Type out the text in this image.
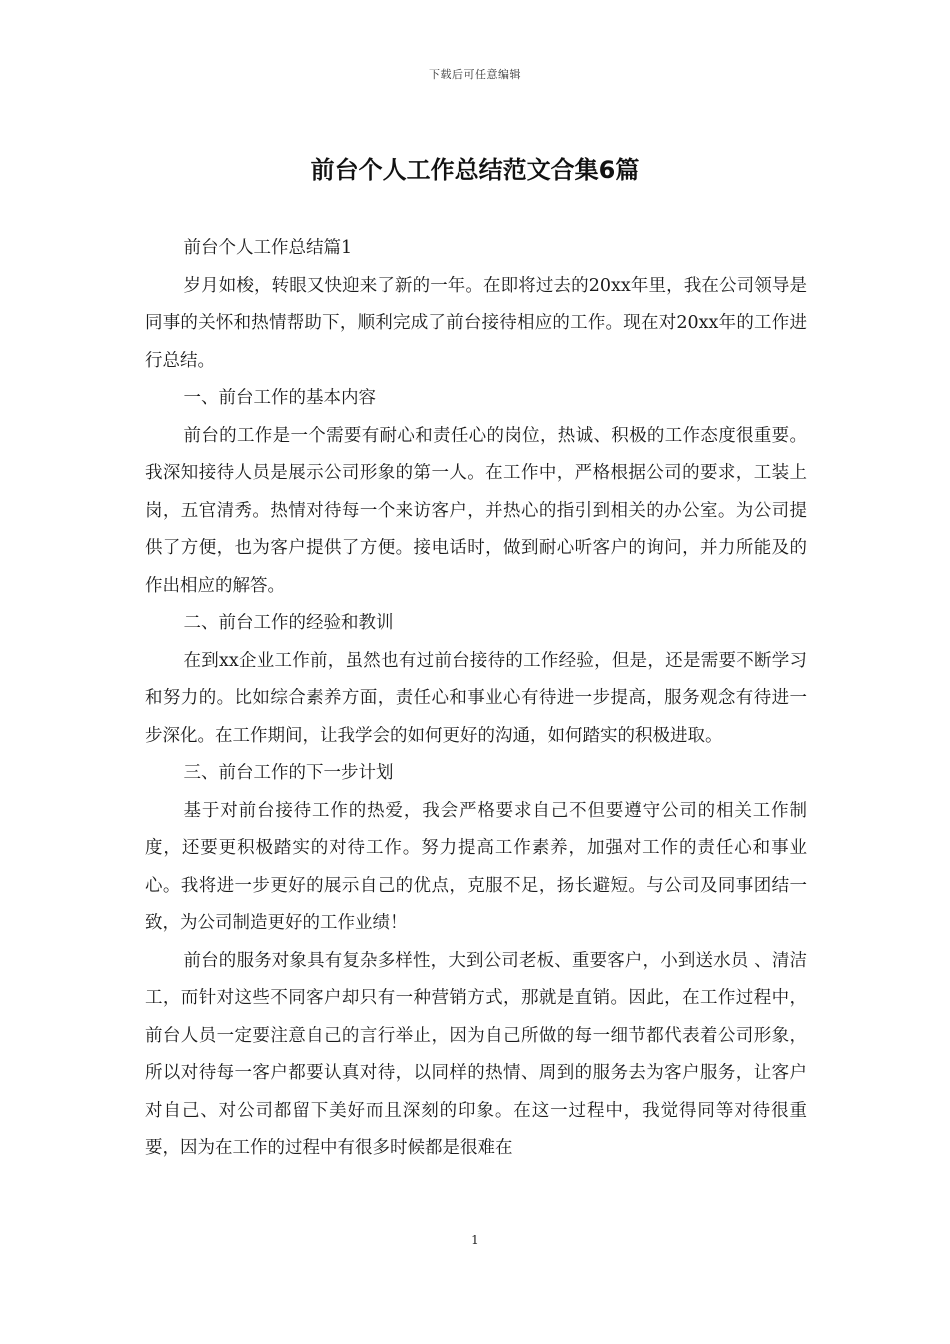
下载后可任意编辑
前台个人工作总结范文合集6篇

前台个人工作总结篇1

岁月如梭，转眼又快迎来了新的一年。在即将过去的20xx年里，我在公司领导是同事的关怀和热情帮助下，顺利完成了前台接待相应的工作。现在对20xx年的工作进行总结。

一、前台工作的基本内容

前台的工作是一个需要有耐心和责任心的岗位，热诚、积极的工作态度很重要。我深知接待人员是展示公司形象的第一人。在工作中，严格根据公司的要求，工装上岗，五官清秀。热情对待每一个来访客户，并热心的指引到相关的办公室。为公司提供了方便，也为客户提供了方便。接电话时，做到耐心听客户的询问，并力所能及的作出相应的解答。

二、前台工作的经验和教训

在到xx企业工作前，虽然也有过前台接待的工作经验，但是，还是需要不断学习和努力的。比如综合素养方面，责任心和事业心有待进一步提高，服务观念有待进一步深化。在工作期间，让我学会的如何更好的沟通，如何踏实的积极进取。

三、前台工作的下一步计划

基于对前台接待工作的热爱，我会严格要求自己不但要遵守公司的相关工作制度，还要更积极踏实的对待工作。努力提高工作素养，加强对工作的责任心和事业心。我将进一步更好的展示自己的优点，克服不足，扬长避短。与公司及同事团结一致，为公司制造更好的工作业绩！

前台的服务对象具有复杂多样性，大到公司老板、重要客户，小到送水员 、清洁工，而针对这些不同客户却只有一种营销方式，那就是直销。因此，在工作过程中，前台人员一定要注意自己的言行举止，因为自己所做的每一细节都代表着公司形象，所以对待每一客户都要认真对待，以同样的热情、周到的服务去为客户服务，让客户对自己、对公司都留下美好而且深刻的印象。在这一过程中，我觉得同等对待很重要，因为在工作的过程中有很多时候都是很难在

1
